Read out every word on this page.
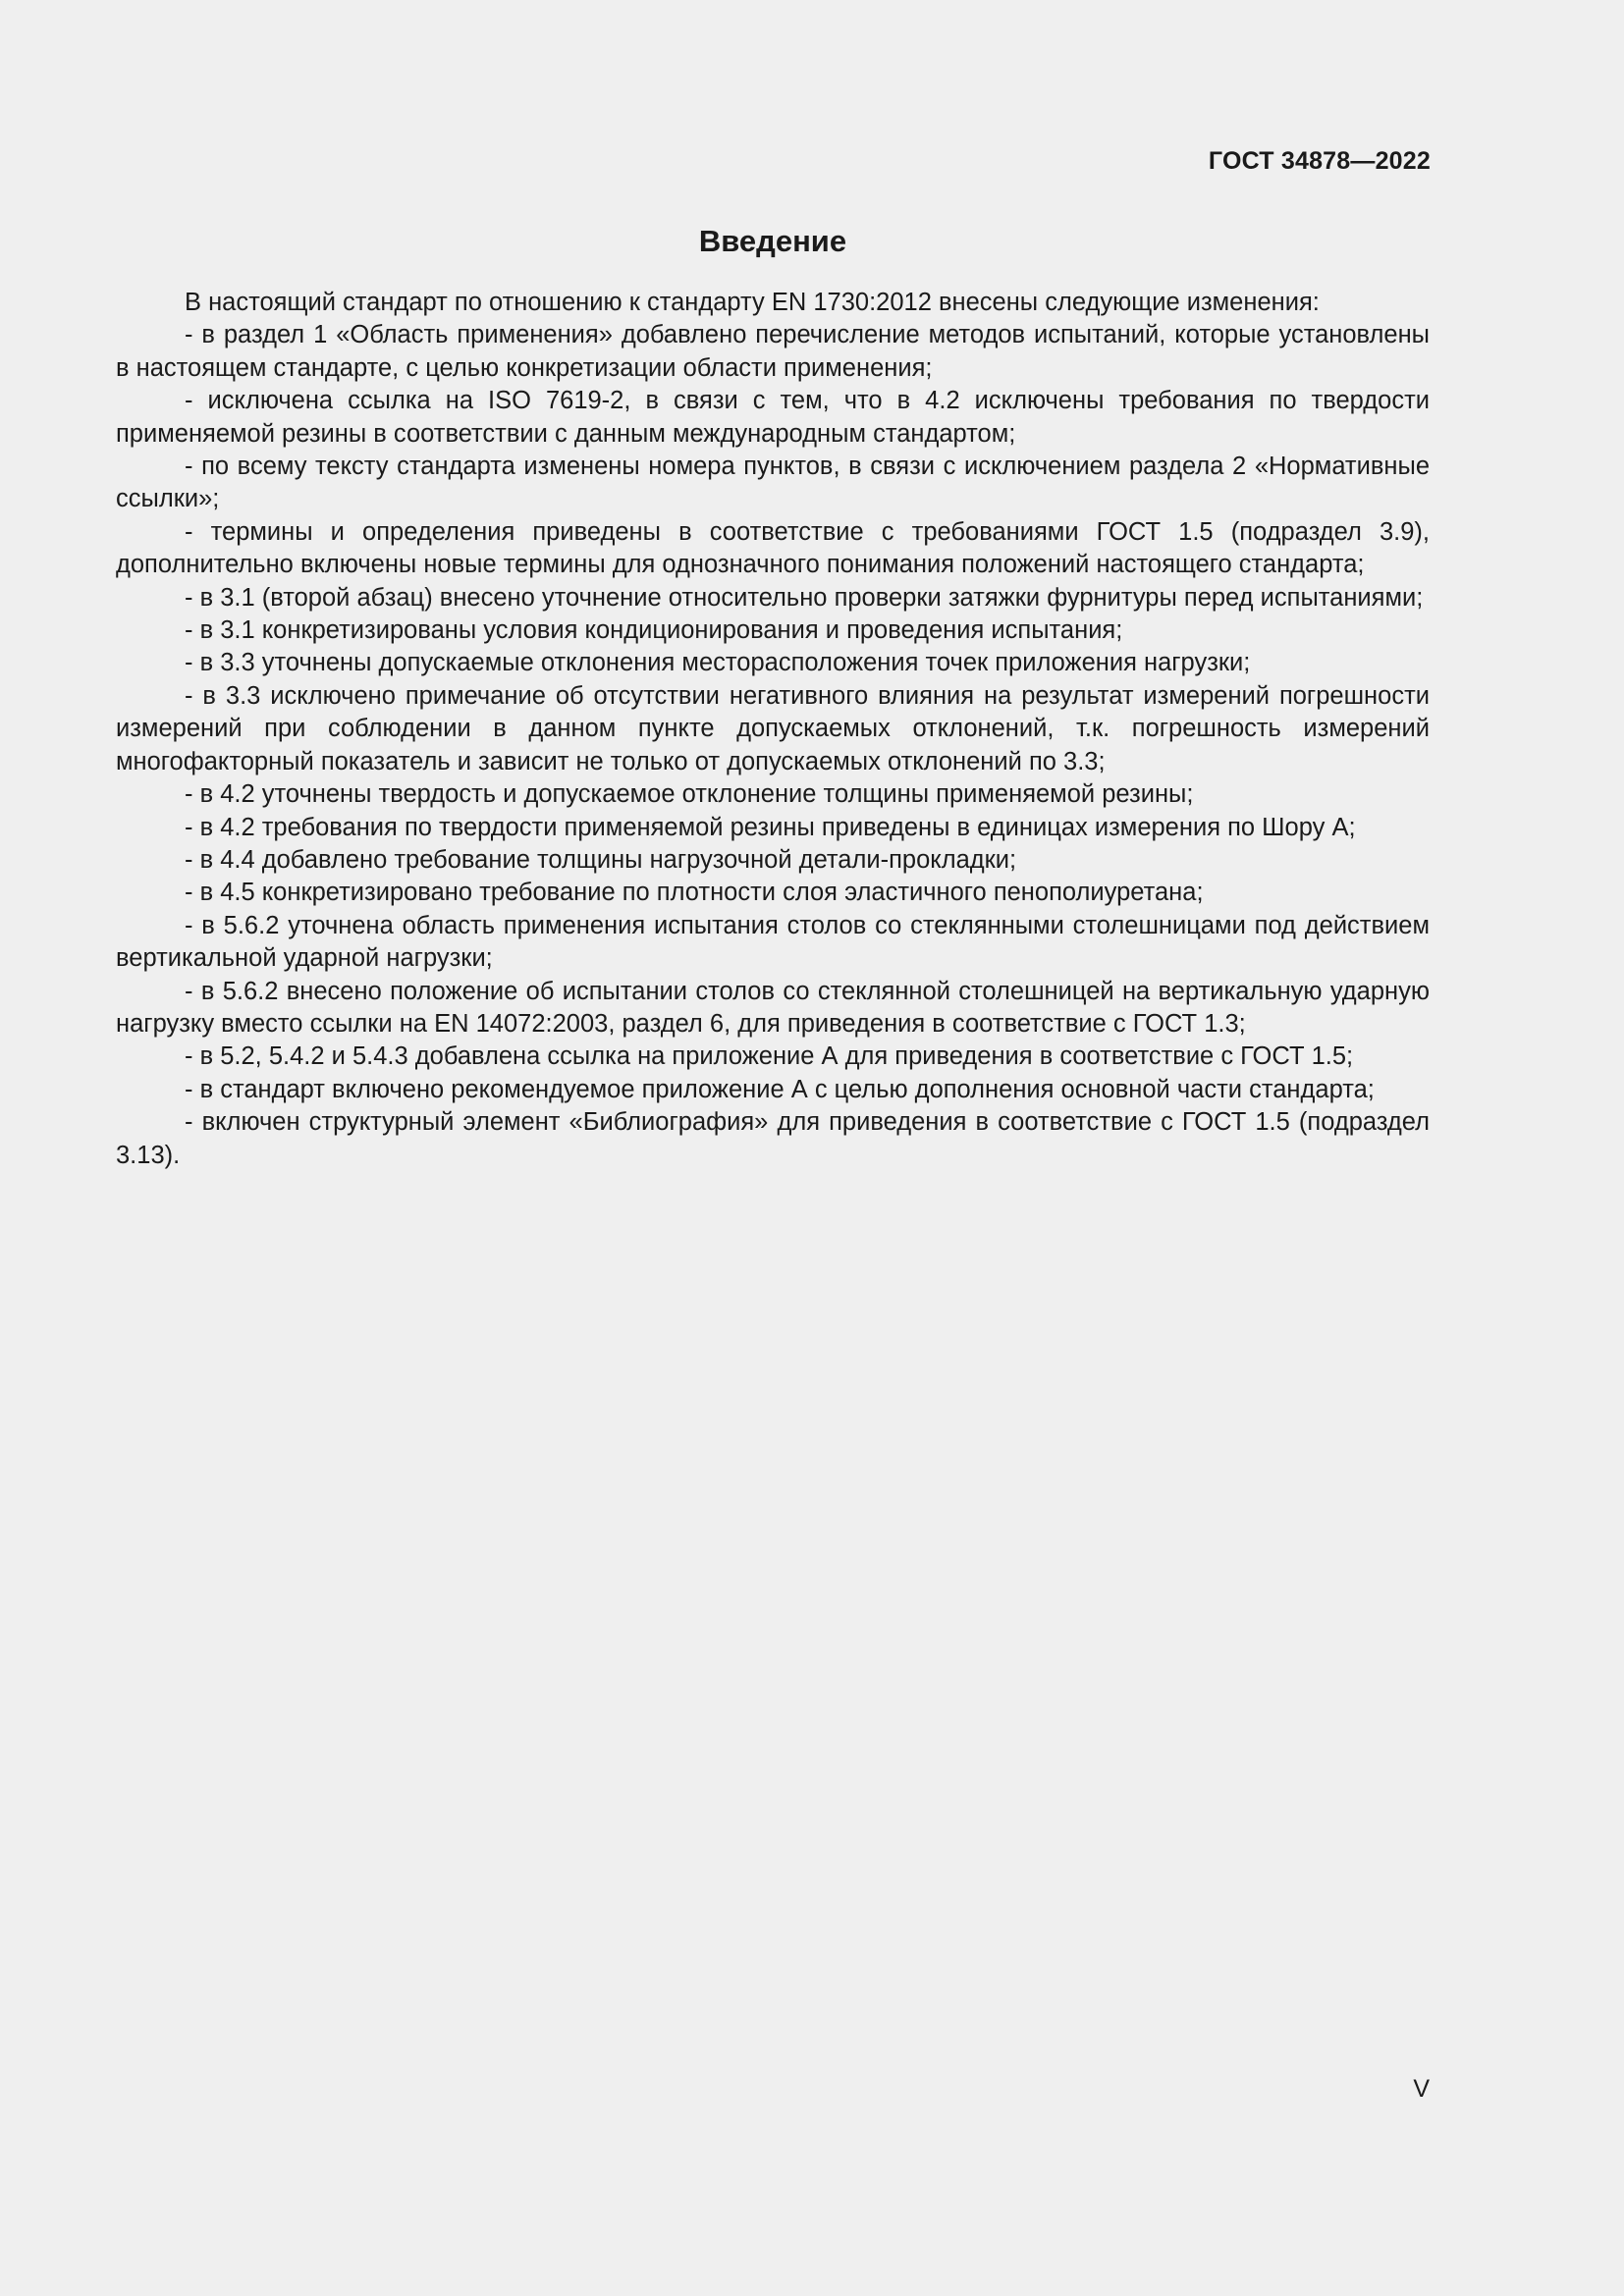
ГОСТ 34878—2022
Введение

В настоящий стандарт по отношению к стандарту EN 1730:2012 внесены следующие изменения:

- в раздел 1 «Область применения» добавлено перечисление методов испытаний, которые установлены в настоящем стандарте, с целью конкретизации области применения;

- исключена ссылка на ISO 7619-2, в связи с тем, что в 4.2 исключены требования по твердости применяемой резины в соответствии с данным международным стандартом;

- по всему тексту стандарта изменены номера пунктов, в связи с исключением раздела 2 «Нормативные ссылки»;

- термины и определения приведены в соответствие с требованиями ГОСТ 1.5 (подраздел 3.9), дополнительно включены новые термины для однозначного понимания положений настоящего стандарта;

- в 3.1 (второй абзац) внесено уточнение относительно проверки затяжки фурнитуры перед испытаниями;

- в 3.1 конкретизированы условия кондиционирования и проведения испытания;

- в 3.3 уточнены допускаемые отклонения месторасположения точек приложения нагрузки;

- в 3.3 исключено примечание об отсутствии негативного влияния на результат измерений погрешности измерений при соблюдении в данном пункте допускаемых отклонений, т.к. погрешность измерений многофакторный показатель и зависит не только от допускаемых отклонений по 3.3;

- в 4.2 уточнены твердость и допускаемое отклонение толщины применяемой резины;

- в 4.2 требования по твердости применяемой резины приведены в единицах измерения по Шору А;

- в 4.4 добавлено требование толщины нагрузочной детали-прокладки;

- в 4.5 конкретизировано требование по плотности слоя эластичного пенополиуретана;

- в 5.6.2 уточнена область применения испытания столов со стеклянными столешницами под действием вертикальной ударной нагрузки;

- в 5.6.2 внесено положение об испытании столов со стеклянной столешницей на вертикальную ударную нагрузку вместо ссылки на EN 14072:2003, раздел 6, для приведения в соответствие с ГОСТ 1.3;

- в 5.2, 5.4.2 и 5.4.3 добавлена ссылка на приложение А для приведения в соответствие с ГОСТ 1.5;

- в стандарт включено рекомендуемое приложение А с целью дополнения основной части стандарта;

- включен структурный элемент «Библиография» для приведения в соответствие с ГОСТ 1.5 (подраздел 3.13).

V
